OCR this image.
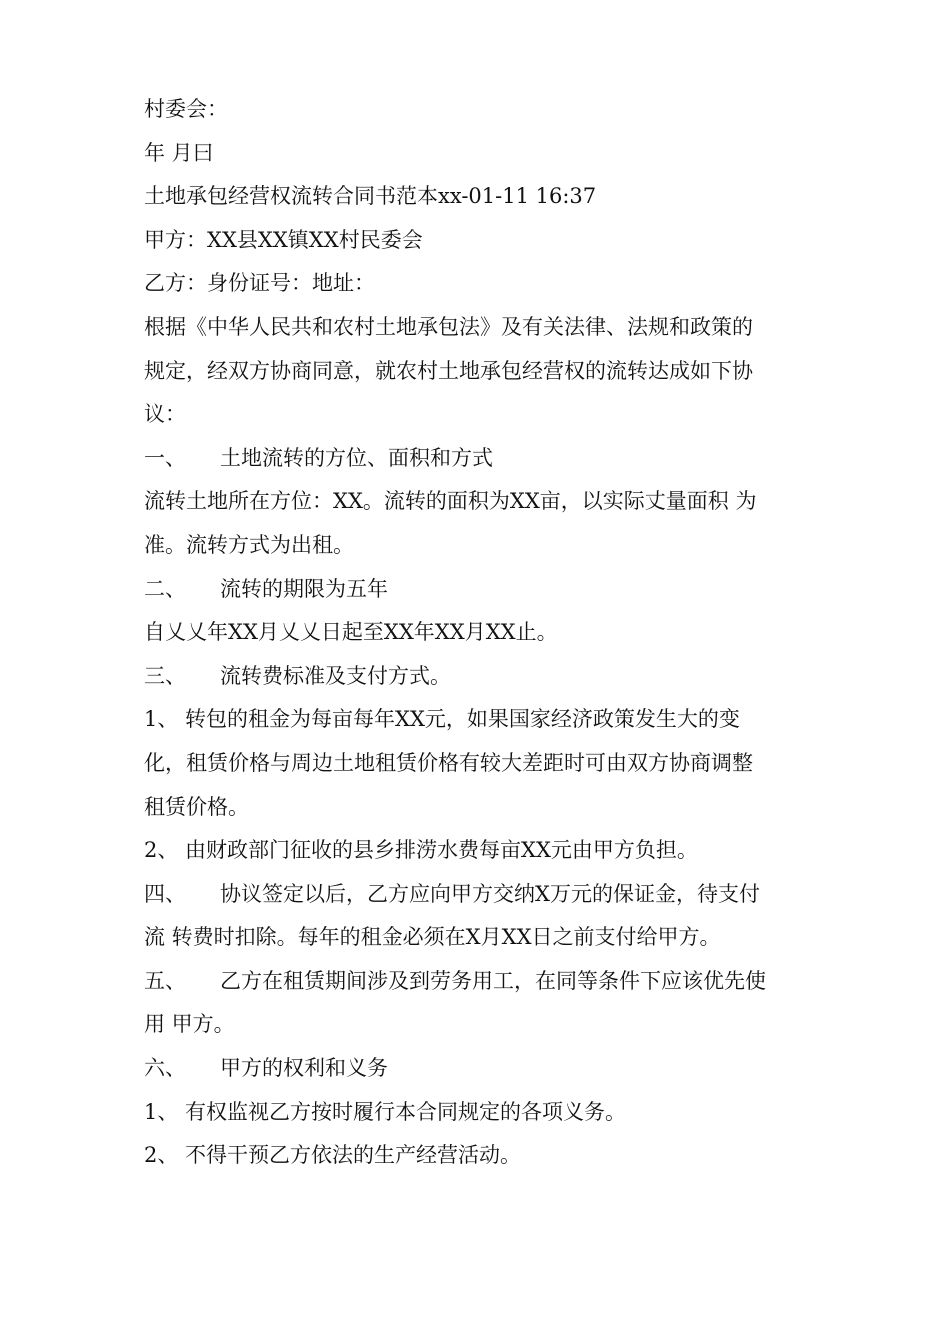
村委会：
年 月曰
土地承包经营权流转合同书范本xx-01-11 16:37
甲方：XX县XX镇XX村民委会
乙方：身份证号：地址：
根据《中华人民共和农村土地承包法》及有关法律、法规和政策的
规定，经双方协商同意，就农村土地承包经营权的流转达成如下协
议：
一、 土地流转的方位、面积和方式
流转土地所在方位：XX。流转的面积为XX亩，以实际丈量面积 为
准。流转方式为出租。
二、 流转的期限为五年
自乂乂年XX月乂乂日起至XX年XX月XX止。
三、 流转费标准及支付方式。
1、 转包的租金为每亩每年XX元，如果国家经济政策发生大的变
化，租赁价格与周边土地租赁价格有较大差距时可由双方协商调整
租赁价格。
2、 由财政部门征收的县乡排涝水费每亩XX元由甲方负担。
四、 协议签定以后，乙方应向甲方交纳X万元的保证金，待支付
流 转费时扣除。每年的租金必须在X月XX日之前支付给甲方。
五、 乙方在租赁期间涉及到劳务用工，在同等条件下应该优先使
用 甲方。
六、 甲方的权利和义务
1、 有权监视乙方按时履行本合同规定的各项义务。
2、 不得干预乙方依法的生产经营活动。
